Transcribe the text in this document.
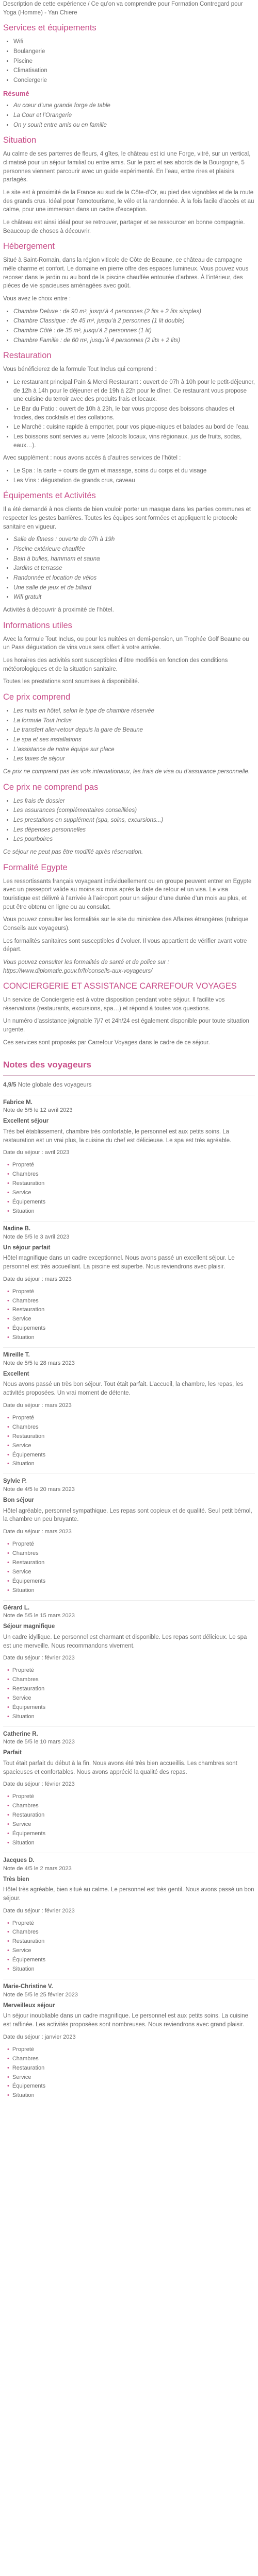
Description de cette expérience / Ce qu’on va comprendre pour Formation Contregard pour Yoga (Homme) - Yan Chiere

Services et équipements
• Wifi
• Boulangerie
• Piscine
• Climatisation
• Conciergerie
Résumé
• Au cœur d’une grande forge de table
• La Cour et l’Orangerie
• On y sourit entre amis ou en famille
Situation

Au calme de ses parterres de fleurs, 4 gîtes, le château est ici une Forge, vitré, sur un vertical, climatisé pour un séjour familial ou entre amis. Sur le parc et ses abords de la Bourgogne, 5 personnes viennent parcourir avec un guide expérimenté. En l’eau, entre rires et plaisirs partagés.

Le site est à proximité de la France au sud de la Côte-d’Or, au pied des vignobles et de la route des grands crus. Idéal pour l’œnotourisme, le vélo et la randonnée. À la fois facile d’accès et au calme, pour une immersion dans un cadre d’exception.

Le château est ainsi idéal pour se retrouver, partager et se ressourcer en bonne compagnie. Beaucoup de choses à découvrir.

Hébergement

Situé à Saint-Romain, dans la région viticole de Côte de Beaune, ce château de campagne mêle charme et confort. Le domaine en pierre offre des espaces lumineux. Vous pouvez vous reposer dans le jardin ou au bord de la piscine chauffée entourée d’arbres. À l’intérieur, des pièces de vie spacieuses aménagées avec goût.

Vous avez le choix entre :

• Chambre Deluxe : de 90 m², jusqu’à 4 personnes (2 lits + 2 lits simples)
• Chambre Classique : de 45 m², jusqu’à 2 personnes (1 lit double)
• Chambre Côté : de 35 m², jusqu’à 2 personnes (1 lit)
• Chambre Famille : de 60 m², jusqu’à 4 personnes (2 lits + 2 lits)
Restauration

Vous bénéficierez de la formule Tout Inclus qui comprend :

• Le restaurant principal Pain & Merci Restaurant : ouvert de 07h à 10h pour le petit-déjeuner, de 12h à 14h pour le déjeuner et de 19h à 22h pour le dîner. Ce restaurant vous propose une cuisine du terroir avec des produits frais et locaux.
• Le Bar du Patio : ouvert de 10h à 23h, le bar vous propose des boissons chaudes et froides, des cocktails et des collations.
• Le Marché : cuisine rapide à emporter, pour vos pique-niques et balades au bord de l’eau.
• Les boissons sont servies au verre (alcools locaux, vins régionaux, jus de fruits, sodas, eaux…).

Avec supplément : nous avons accès à d’autres services de l’hôtel :

• Le Spa : la carte + cours de gym et massage, soins du corps et du visage
• Les Vins : dégustation de grands crus, caveau
Équipements et Activités

Il a été demandé à nos clients de bien vouloir porter un masque dans les parties communes et respecter les gestes barrières. Toutes les équipes sont formées et appliquent le protocole sanitaire en vigueur.

• Salle de fitness : ouverte de 07h à 19h
• Piscine extérieure chauffée
• Bain à bulles, hammam et sauna
• Jardins et terrasse
• Randonnée et location de vélos
• Une salle de jeux et de billard
• Wifi gratuit

Activités à découvrir à proximité de l’hôtel.

Informations utiles

Avec la formule Tout Inclus, ou pour les nuitées en demi-pension, un Trophée Golf Beaune ou un Pass dégustation de vins vous sera offert à votre arrivée.

Les horaires des activités sont susceptibles d’être modifiés en fonction des conditions météorologiques et de la situation sanitaire.

Toutes les prestations sont soumises à disponibilité.

Ce prix comprend
• Les nuits en hôtel, selon le type de chambre réservée
• La formule Tout Inclus
• Le transfert aller-retour depuis la gare de Beaune
• Le spa et ses installations
• L’assistance de notre équipe sur place
• Les taxes de séjour

Ce prix ne comprend pas les vols internationaux, les frais de visa ou d’assurance personnelle.

Ce prix ne comprend pas
• Les frais de dossier
• Les assurances (complémentaires conseillées)
• Les prestations en supplément (spa, soins, excursions...)
• Les dépenses personnelles
• Les pourboires

Ce séjour ne peut pas être modifié après réservation.

Formalité Egypte

Les ressortissants français voyageant individuellement ou en groupe peuvent entrer en Egypte avec un passeport valide au moins six mois après la date de retour et un visa. Le visa touristique est délivré à l’arrivée à l’aéroport pour un séjour d’une durée d’un mois au plus, et peut être obtenu en ligne ou au consulat.

Vous pouvez consulter les formalités sur le site du ministère des Affaires étrangères (rubrique Conseils aux voyageurs).

Les formalités sanitaires sont susceptibles d’évoluer. Il vous appartient de vérifier avant votre départ.

Vous pouvez consulter les formalités de santé et de police sur : https://www.diplomatie.gouv.fr/fr/conseils-aux-voyageurs/

CONCIERGERIE ET ASSISTANCE CARREFOUR VOYAGES

Un service de Conciergerie est à votre disposition pendant votre séjour. Il facilite vos réservations (restaurants, excursions, spa…) et répond à toutes vos questions.

Un numéro d’assistance joignable 7j/7 et 24h/24 est également disponible pour toute situation urgente.

Ces services sont proposés par Carrefour Voyages dans le cadre de ce séjour.

Notes des voyageurs

4,9/5 Note globale des voyageurs

Fabrice M.
Note de 5/5 le 12 avril 2023
Excellent séjour

Très bel établissement, chambre très confortable, le personnel est aux petits soins. La restauration est un vrai plus, la cuisine du chef est délicieuse. Le spa est très agréable.

Date du séjour : avril 2023

• Propreté
• Chambres
• Restauration
• Service
• Équipements
• Situation
Nadine B.
Note de 5/5 le 3 avril 2023
Un séjour parfait

Hôtel magnifique dans un cadre exceptionnel. Nous avons passé un excellent séjour. Le personnel est très accueillant. La piscine est superbe. Nous reviendrons avec plaisir.

Date du séjour : mars 2023

• Propreté
• Chambres
• Restauration
• Service
• Équipements
• Situation
Mireille T.
Note de 5/5 le 28 mars 2023
Excellent

Nous avons passé un très bon séjour. Tout était parfait. L’accueil, la chambre, les repas, les activités proposées. Un vrai moment de détente.

Date du séjour : mars 2023

• Propreté
• Chambres
• Restauration
• Service
• Équipements
• Situation
Sylvie P.
Note de 4/5 le 20 mars 2023
Bon séjour

Hôtel agréable, personnel sympathique. Les repas sont copieux et de qualité. Seul petit bémol, la chambre un peu bruyante.

Date du séjour : mars 2023

• Propreté
• Chambres
• Restauration
• Service
• Équipements
• Situation
Gérard L.
Note de 5/5 le 15 mars 2023
Séjour magnifique

Un cadre idyllique. Le personnel est charmant et disponible. Les repas sont délicieux. Le spa est une merveille. Nous recommandons vivement.

Date du séjour : février 2023

• Propreté
• Chambres
• Restauration
• Service
• Équipements
• Situation
Catherine R.
Note de 5/5 le 10 mars 2023
Parfait

Tout était parfait du début à la fin. Nous avons été très bien accueillis. Les chambres sont spacieuses et confortables. Nous avons apprécié la qualité des repas.

Date du séjour : février 2023

• Propreté
• Chambres
• Restauration
• Service
• Équipements
• Situation
Jacques D.
Note de 4/5 le 2 mars 2023
Très bien

Hôtel très agréable, bien situé au calme. Le personnel est très gentil. Nous avons passé un bon séjour.

Date du séjour : février 2023

• Propreté
• Chambres
• Restauration
• Service
• Équipements
• Situation
Marie-Christine V.
Note de 5/5 le 25 février 2023
Merveilleux séjour

Un séjour inoubliable dans un cadre magnifique. Le personnel est aux petits soins. La cuisine est raffinée. Les activités proposées sont nombreuses. Nous reviendrons avec grand plaisir.

Date du séjour : janvier 2023

• Propreté
• Chambres
• Restauration
• Service
• Équipements
• Situation
